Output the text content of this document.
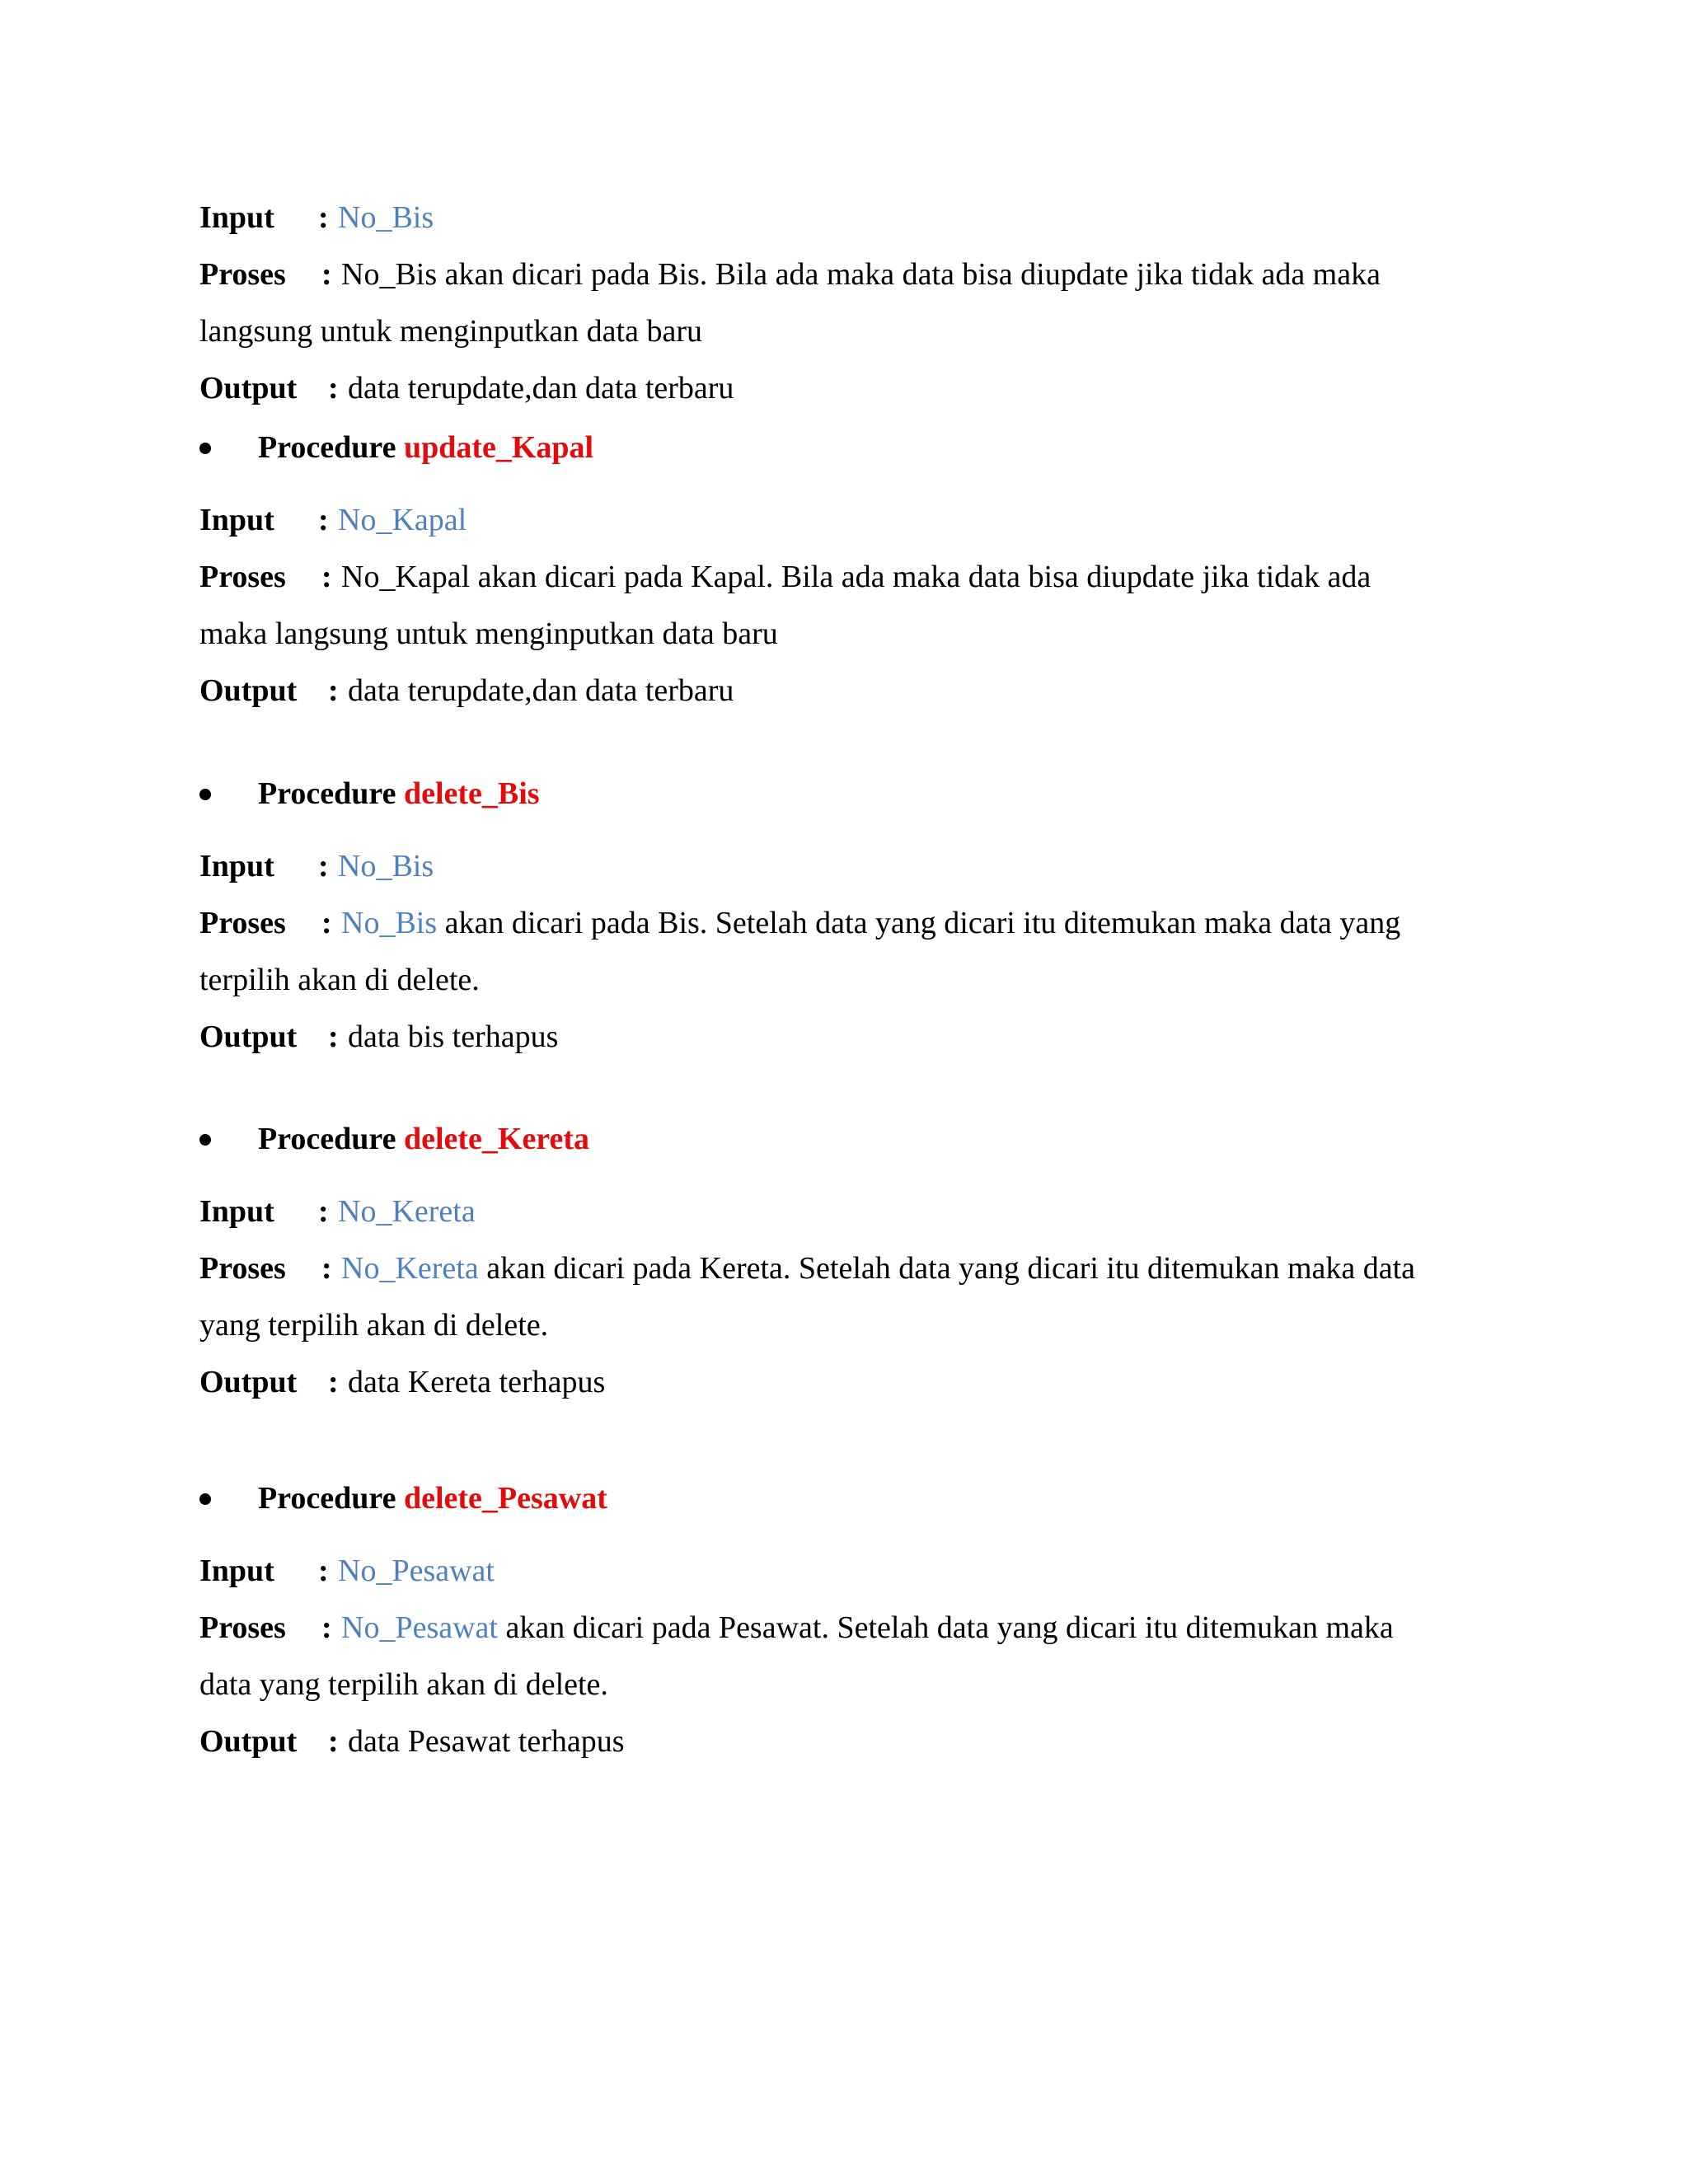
Input : No_Bis
Proses : No_Bis akan dicari pada Bis. Bila ada maka data bisa diupdate jika tidak ada maka
langsung untuk menginputkan data baru
Output : data terupdate,dan data terbaru
Procedure update_Kapal
Input : No_Kapal
Proses : No_Kapal akan dicari pada Kapal. Bila ada maka data bisa diupdate jika tidak ada
maka langsung untuk menginputkan data baru
Output : data terupdate,dan data terbaru
Procedure delete_Bis
Input : No_Bis
Proses : No_Bis akan dicari pada Bis. Setelah data yang dicari itu ditemukan maka data yang
terpilih akan di delete.
Output : data bis terhapus
Procedure delete_Kereta
Input : No_Kereta
Proses : No_Kereta akan dicari pada Kereta. Setelah data yang dicari itu ditemukan maka data
yang terpilih akan di delete.
Output : data Kereta terhapus
Procedure delete_Pesawat
Input : No_Pesawat
Proses : No_Pesawat akan dicari pada Pesawat. Setelah data yang dicari itu ditemukan maka
data yang terpilih akan di delete.
Output : data Pesawat terhapus
